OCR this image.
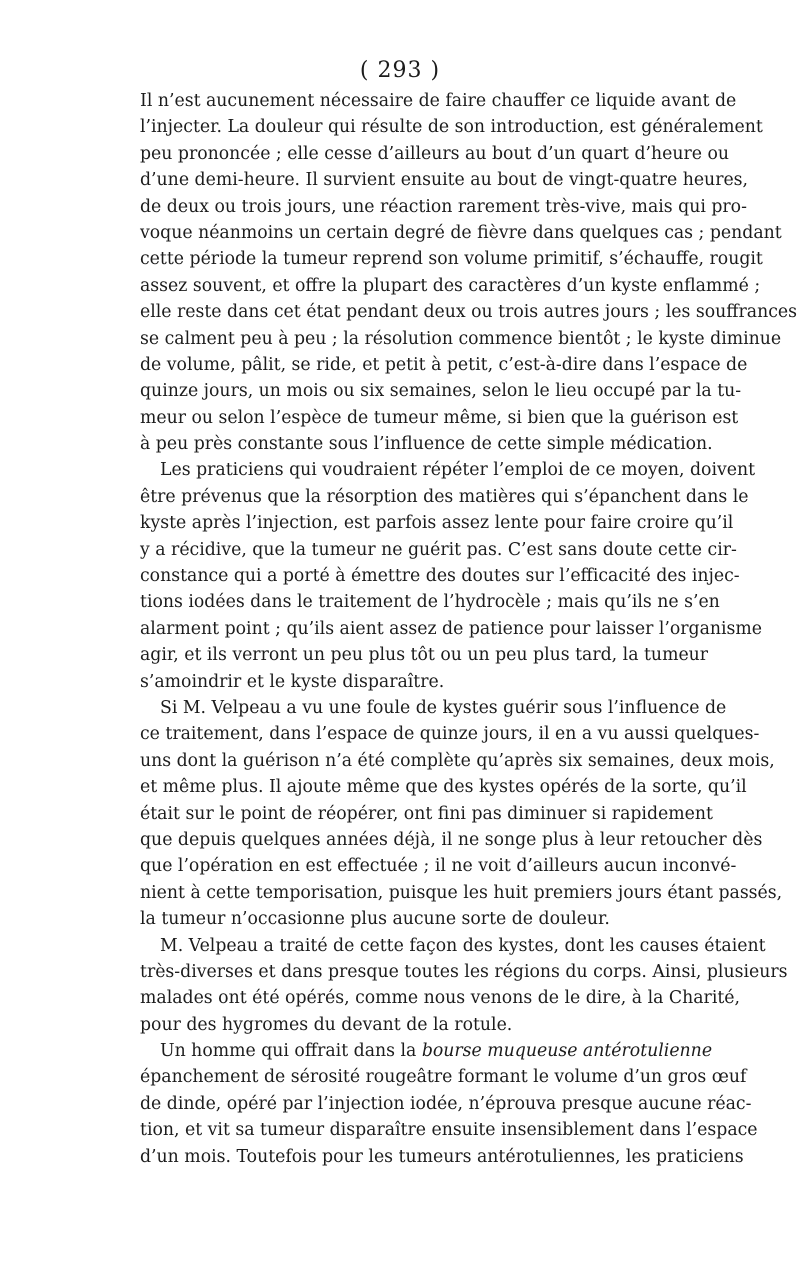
( 293 )
Il n’est aucunement nécessaire de faire chauffer ce liquide avant de
l’injecter. La douleur qui résulte de son introduction, est généralement
peu prononcée ; elle cesse d’ailleurs au bout d’un quart d’heure ou
d’une demi-heure. Il survient ensuite au bout de vingt-quatre heures,
de deux ou trois jours, une réaction rarement très-vive, mais qui pro-
voque néanmoins un certain degré de fièvre dans quelques cas ; pendant
cette période la tumeur reprend son volume primitif, s’échauffe, rougit
assez souvent, et offre la plupart des caractères d’un kyste enflammé ;
elle reste dans cet état pendant deux ou trois autres jours ; les souffrances
se calment peu à peu ; la résolution commence bientôt ; le kyste diminue
de volume, pâlit, se ride, et petit à petit, c’est-à-dire dans l’espace de
quinze jours, un mois ou six semaines, selon le lieu occupé par la tu-
meur ou selon l’espèce de tumeur même, si bien que la guérison est
à peu près constante sous l’influence de cette simple médication.
Les praticiens qui voudraient répéter l’emploi de ce moyen, doivent
être prévenus que la résorption des matières qui s’épanchent dans le
kyste après l’injection, est parfois assez lente pour faire croire qu’il
y a récidive, que la tumeur ne guérit pas. C’est sans doute cette cir-
constance qui a porté à émettre des doutes sur l’efficacité des injec-
tions iodées dans le traitement de l’hydrocèle ; mais qu’ils ne s’en
alarment point ; qu’ils aient assez de patience pour laisser l’organisme
agir, et ils verront un peu plus tôt ou un peu plus tard, la tumeur
s’amoindrir et le kyste disparaître.
Si M. Velpeau a vu une foule de kystes guérir sous l’influence de
ce traitement, dans l’espace de quinze jours, il en a vu aussi quelques-
uns dont la guérison n’a été complète qu’après six semaines, deux mois,
et même plus. Il ajoute même que des kystes opérés de la sorte, qu’il
était sur le point de réopérer, ont fini pas diminuer si rapidement
que depuis quelques années déjà, il ne songe plus à leur retoucher dès
que l’opération en est effectuée ; il ne voit d’ailleurs aucun inconvé-
nient à cette temporisation, puisque les huit premiers jours étant passés,
la tumeur n’occasionne plus aucune sorte de douleur.
M. Velpeau a traité de cette façon des kystes, dont les causes étaient
très-diverses et dans presque toutes les régions du corps. Ainsi, plusieurs
malades ont été opérés, comme nous venons de le dire, à la Charité,
pour des hygromes du devant de la rotule.
Un homme qui offrait dans la bourse muqueuse antérotulienne
épanchement de sérosité rougeâtre formant le volume d’un gros œuf
de dinde, opéré par l’injection iodée, n’éprouva presque aucune réac-
tion, et vit sa tumeur disparaître ensuite insensiblement dans l’espace
d’un mois. Toutefois pour les tumeurs antérotuliennes, les praticiens
